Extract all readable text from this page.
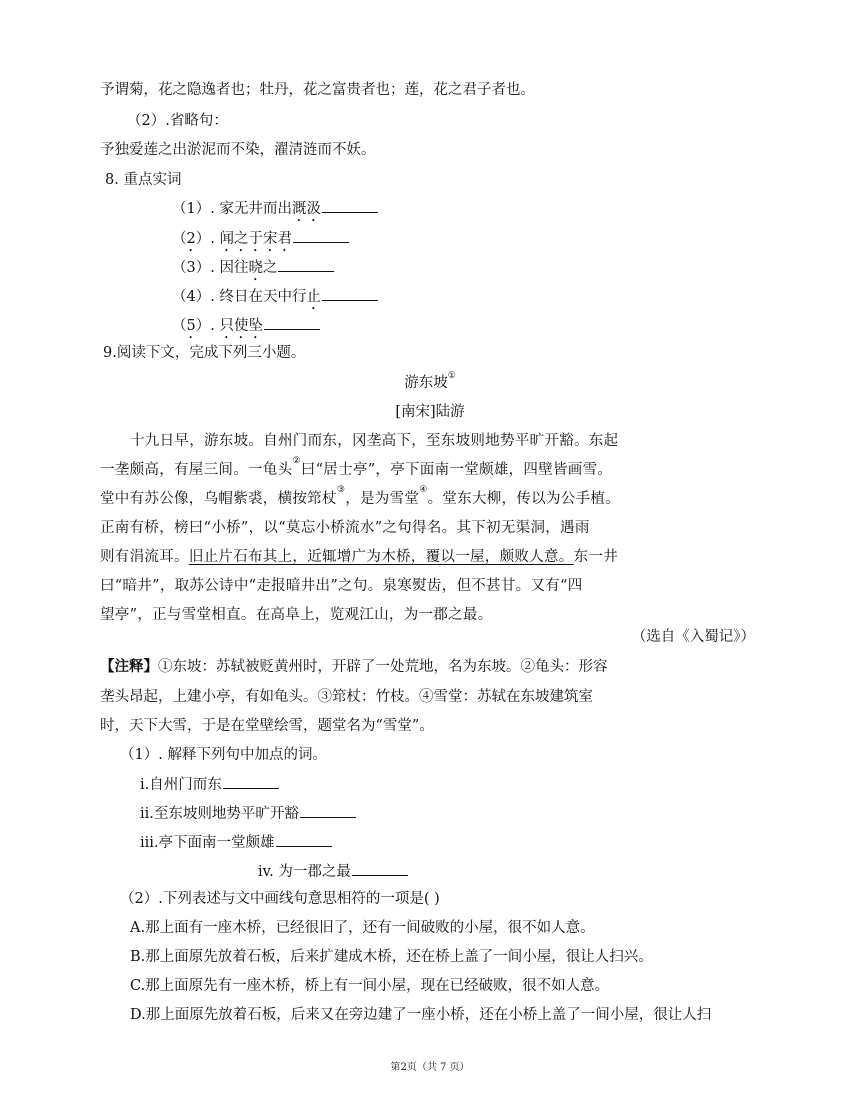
予谓菊，花之隐逸者也；牡丹，花之富贵者也；莲，花之君子者也。
（2）.省略句：
予独爱莲之出淤泥而不染，濯清涟而不妖。
8. 重点实词
（1）. 家无井而出溉汲
（2）. 闻之于宋君
（3）. 因往晓之
（4）. 终日在天中行止
（5）. 只使坠
9.阅读下文，完成下列三小题。
游东坡①
[南宋]陆游
十九日早，游东坡。自州门而东，冈垄高下，至东坡则地势平旷开豁。东起
一垄颇高，有屋三间。一龟头②曰“居士亭”，亭下面南一堂颇雄，四壁皆画雪。
堂中有苏公像，乌帽紫裘，横按筇杖③，是为雪堂④。堂东大柳，传以为公手植。
正南有桥，榜曰“小桥”，以“莫忘小桥流水”之句得名。其下初无渠洞，遇雨
则有涓流耳。旧止片石布其上，近辄增广为木桥，覆以一屋，颇败人意。东一井
曰“暗井”，取苏公诗中“走报暗井出”之句。泉寒熨齿，但不甚甘。又有“四
望亭”，正与雪堂相直。在高阜上，览观江山，为一郡之最。
（选自《入蜀记》）
【注释】①东坡：苏轼被贬黄州时，开辟了一处荒地，名为东坡。②龟头：形容
垄头昂起，上建小亭，有如龟头。③筇杖：竹枝。④雪堂：苏轼在东坡建筑室
时，天下大雪，于是在堂壁绘雪，题堂名为“雪堂”。
（1）. 解释下列句中加点的词。
i.自州门而东
ii.至东坡则地势平旷开豁
iii.亭下面南一堂颇雄
iv. 为一郡之最
（2）.下列表述与文中画线句意思相符的一项是( )
A.那上面有一座木桥，已经很旧了，还有一间破败的小屋，很不如人意。
B.那上面原先放着石板，后来扩建成木桥，还在桥上盖了一间小屋，很让人扫兴。
C.那上面原先有一座木桥，桥上有一间小屋，现在已经破败，很不如人意。
D.那上面原先放着石板，后来又在旁边建了一座小桥，还在小桥上盖了一间小屋，很让人扫
第2页（共 7 页）
